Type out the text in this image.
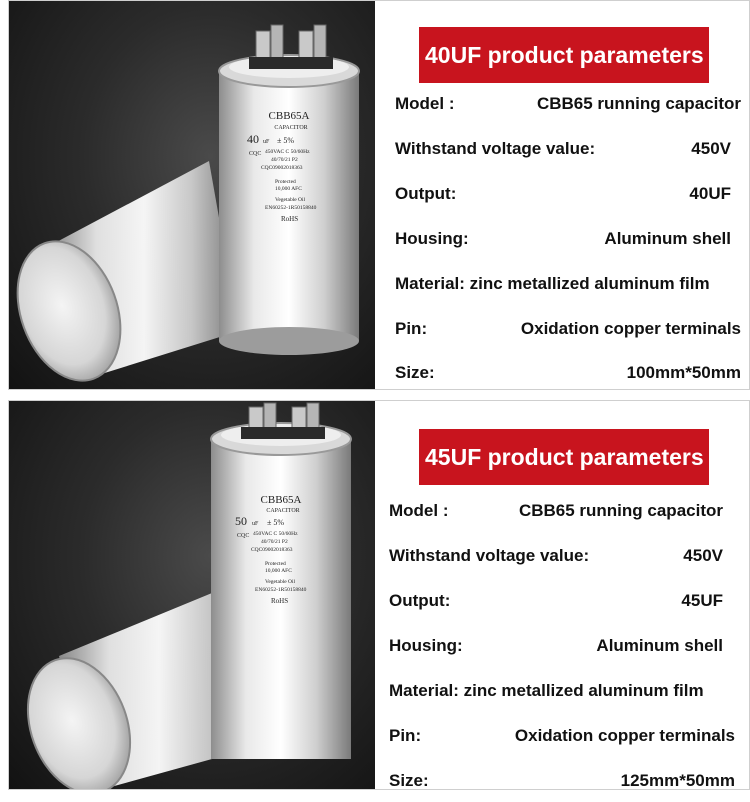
CBB65A
CAPACITOR
40 uF ± 5%
CQC 450VAC C 50/60Hz
40/70/21 P2
CQC09002018363
Protected
10,000 AFC
Vegetable Oil
EN60252-1R50158840
RoHS
40UF product parameters
Model :	CBB65 running capacitor
Withstand voltage value:	450V
Output:	40UF
Housing:	Aluminum shell
Material: zinc metallized aluminum film
Pin:	Oxidation copper terminals
Size:	100mm*50mm
CBB65A
CAPACITOR
50 uF ± 5%
CQC 450VAC C 50/60Hz
40/70/21 P2
CQC09002018363
Protected
10,000 AFC
Vegetable Oil
EN60252-1R50158840
RoHS
45UF product parameters
Model :	CBB65 running capacitor
Withstand voltage value:	450V
Output:	45UF
Housing:	Aluminum shell
Material: zinc metallized aluminum film
Pin:	Oxidation copper terminals
Size:	125mm*50mm
